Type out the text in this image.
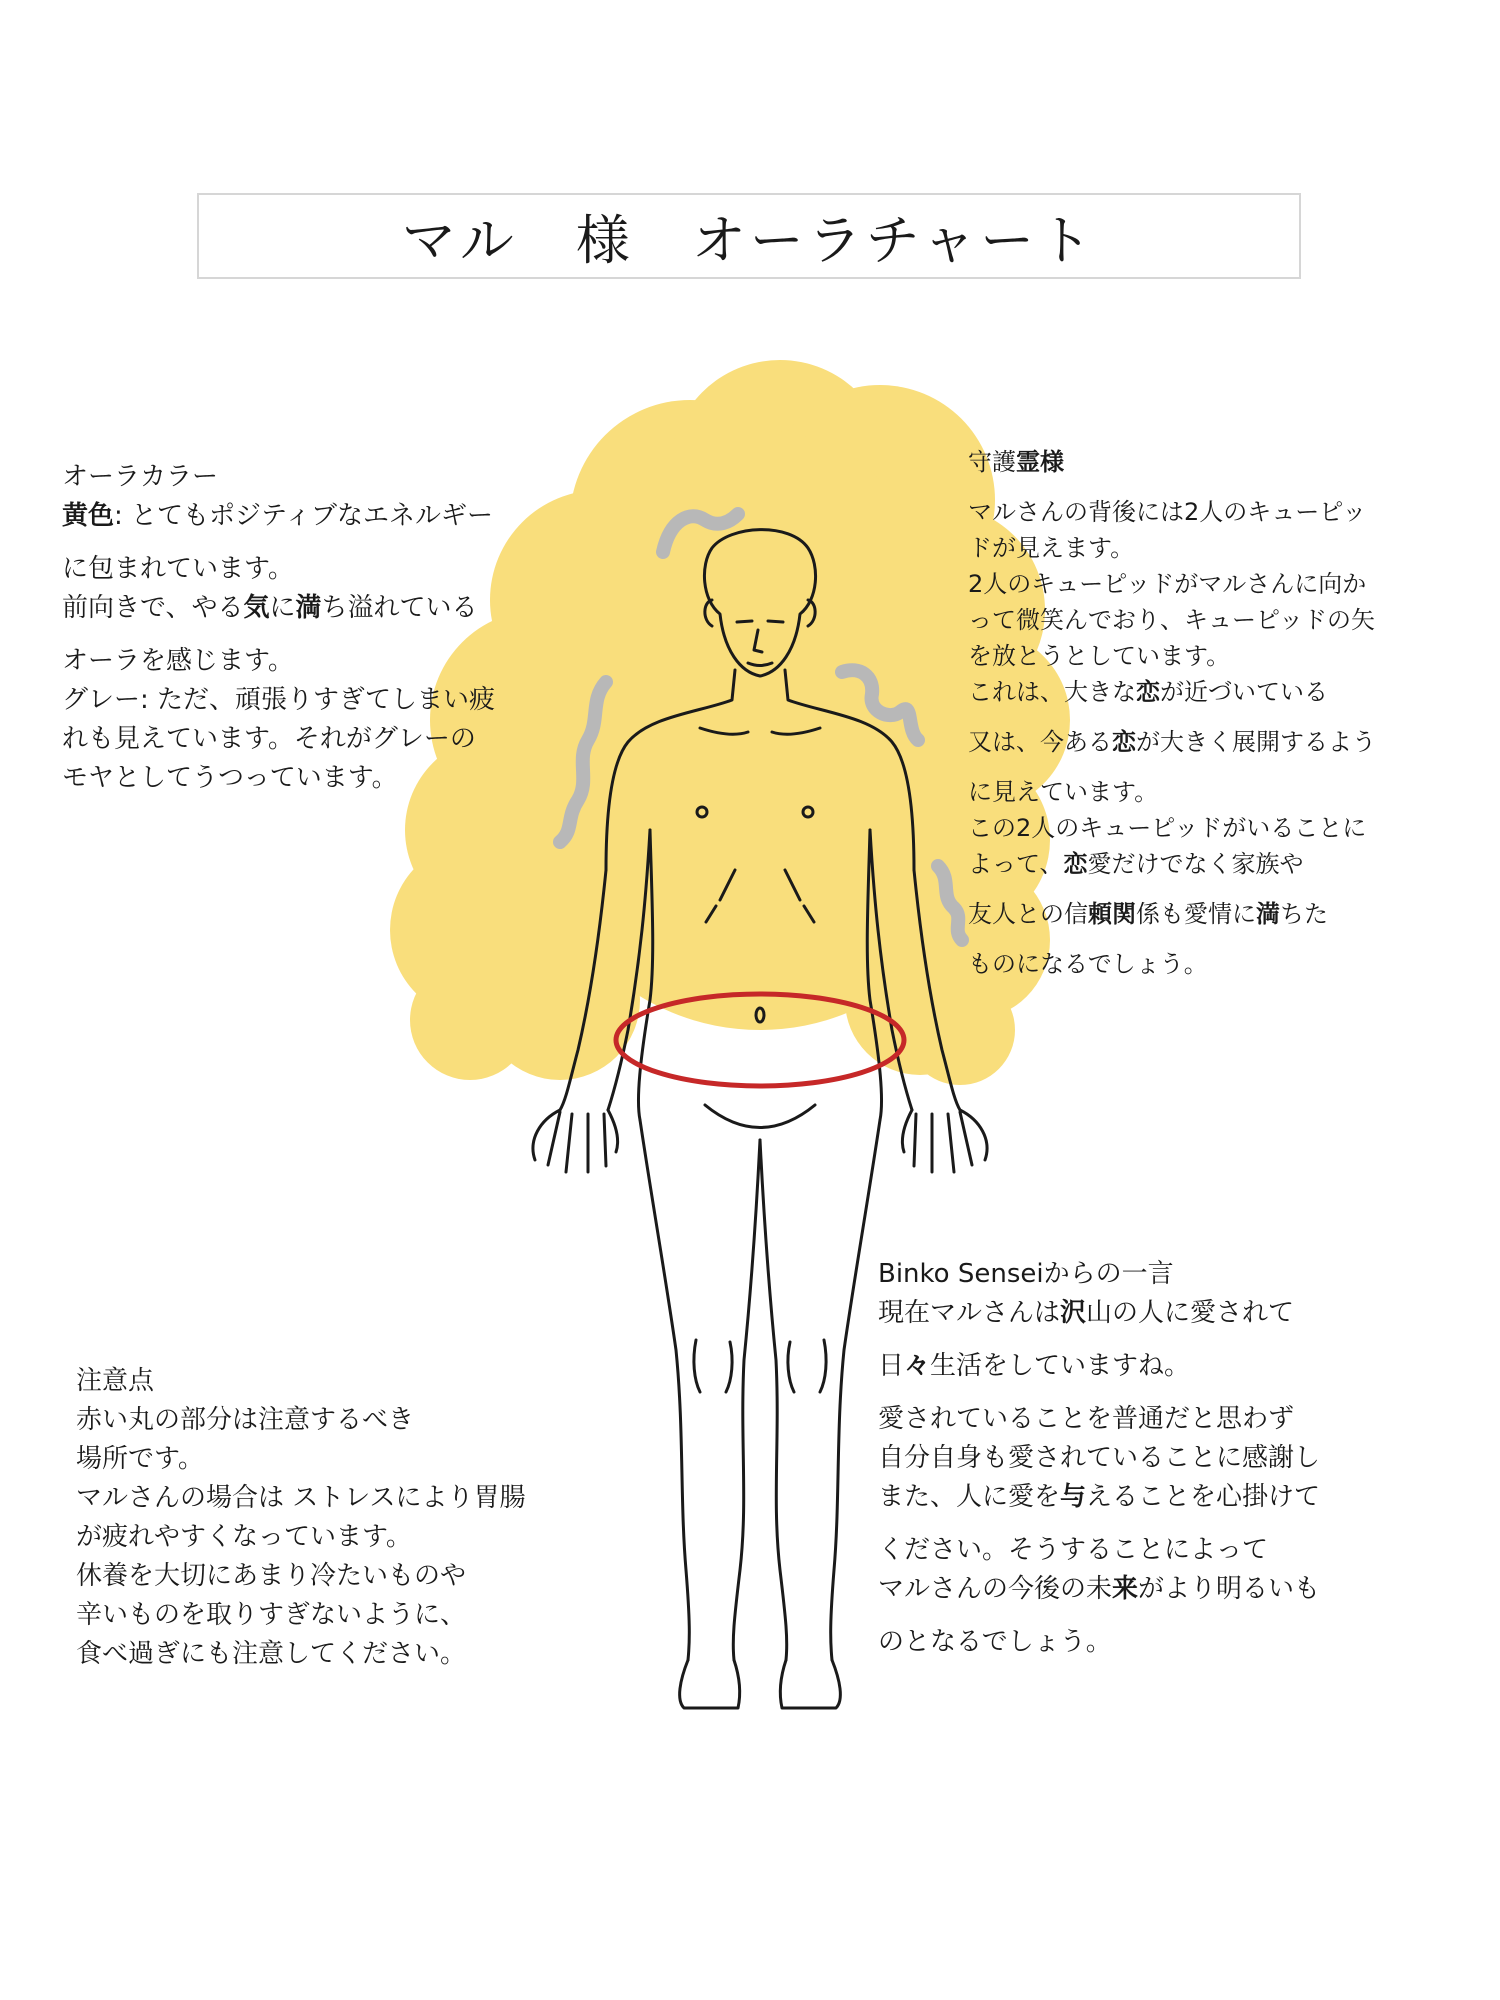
マル　様　オーラチャート

オーラカラー

黄色: とてもポジティブなエネルギー

に包まれています。

前向きで、やる気に満ち溢れている

オーラを感じます。

グレー: ただ、頑張りすぎてしまい疲

れも見えています。それがグレーの

モヤとしてうつっています。

守護霊様

マルさんの背後には2人のキューピッ

ドが見えます。

2人のキューピッドがマルさんに向か

って微笑んでおり、キューピッドの矢

を放とうとしています。

これは、大きな恋が近づいている

又は、今ある恋が大きく展開するよう

に見えています。

この2人のキューピッドがいることに

よって、恋愛だけでなく家族や

友人との信頼関係も愛情に満ちた

ものになるでしょう。

注意点

赤い丸の部分は注意するべき

場所です。

マルさんの場合は ストレスにより胃腸

が疲れやすくなっています。

休養を大切にあまり冷たいものや

辛いものを取りすぎないように、

食べ過ぎにも注意してください。

Binko Senseiからの一言

現在マルさんは沢山の人に愛されて

日々生活をしていますね。

愛されていることを普通だと思わず

自分自身も愛されていることに感謝し

また、人に愛を与えることを心掛けて

ください。そうすることによって

マルさんの今後の未来がより明るいも

のとなるでしょう。
